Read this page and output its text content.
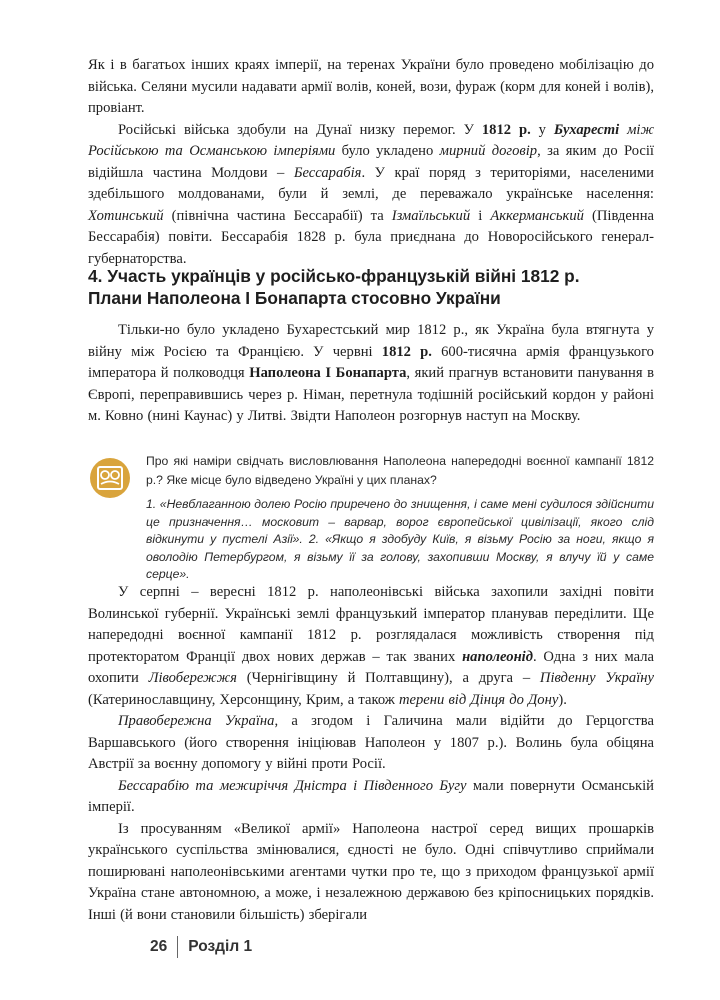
Як і в багатьох інших краях імперії, на теренах України було проведено мобілізацію до війська. Селяни мусили надавати армії волів, коней, вози, фураж (корм для коней і волів), провіант.

Російські війська здобули на Дунаї низку перемог. У 1812 р. у Бухаресті між Російською та Османською імперіями було укладено мирний договір, за яким до Росії відійшла частина Молдови – Бессарабія. У краї поряд з територіями, населеними здебільшого молдованами, були й землі, де переважало українське населення: Хотинський (північна частина Бессарабії) та Ізмаїльський і Аккерманський (Південна Бессарабія) повіти. Бессарабія 1828 р. була приєднана до Новоросійського генерал-губернаторства.

4. Участь українців у російсько-французькій війні 1812 р.
Плани Наполеона І Бонапарта стосовно України

Тільки-но було укладено Бухарестський мир 1812 р., як Україна була втягнута у війну між Росією та Францією. У червні 1812 р. 600-тисячна армія французького імператора й полководця Наполеона І Бонапарта, який прагнув встановити панування в Європі, переправившись через р. Німан, перетнула тодішній російський кордон у районі м. Ковно (нині Каунас) у Литві. Звідти Наполеон розгорнув наступ на Москву.

Про які наміри свідчать висловлювання Наполеона напередодні воєнної кампанії 1812 р.? Яке місце було відведено Україні у цих планах?

1. «Невблаганною долею Росію приречено до знищення, і саме мені судилося здійснити це призначення… московит – варвар, ворог європейської цивілізації, якого слід відкинути у пустелі Азії». 2. «Якщо я здобуду Київ, я візьму Росію за ноги, якщо я оволодію Петербургом, я візьму її за голову, захопивши Москву, я влучу їй у саме серце».

У серпні – вересні 1812 р. наполеонівські війська захопили західні повіти Волинської губернії. Українські землі французький імператор планував переділити. Ще напередодні воєнної кампанії 1812 р. розглядалася можливість створення під протекторатом Франції двох нових держав – так званих наполеонід. Одна з них мала охопити Лівобережжя (Чернігівщину й Полтавщину), а друга – Південну Україну (Катеринославщину, Херсонщину, Крим, а також терени від Дінця до Дону).

Правобережна Україна, а згодом і Галичина мали відійти до Герцогства Варшавського (його створення ініціював Наполеон у 1807 р.). Волинь була обіцяна Австрії за воєнну допомогу у війні проти Росії.

Бессарабію та межиріччя Дністра і Південного Бугу мали повернути Османській імперії.

Із просуванням «Великої армії» Наполеона настрої серед вищих прошарків українського суспільства змінювалися, єдності не було. Одні співчутливо сприймали поширювані наполеонівськими агентами чутки про те, що з приходом французької армії Україна стане автономною, а може, і незалежною державою без кріпосницьких порядків. Інші (й вони становили більшість) зберігали

26 Розділ 1
